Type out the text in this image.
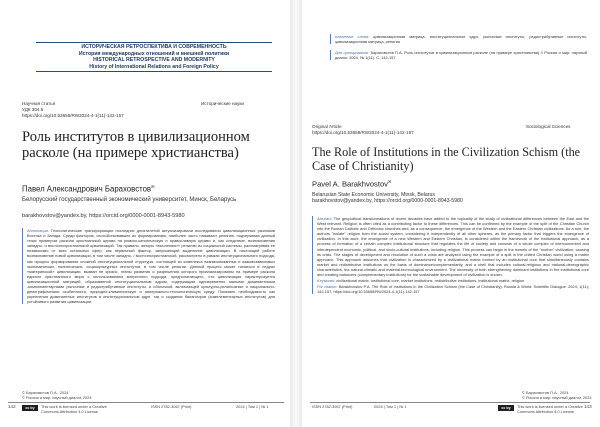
ИСТОРИЧЕСКАЯ РЕТРОСПЕКТИВА И СОВРЕМЕННОСТЬ
История международных отношений и внешней политики
HISTORICAL RETROSPECTIVE AND MODERNITY
History of International Relations and Foreign Policy
Научная статья
УДК 304.5
https://doi.org/10.53658/RW2024-4-1(11)-142-157
Исторические науки
Роль институтов в цивилизационном расколе (на примере христианства)
Павел Александрович Бараховстов✉
Белорусский государственный экономический университет, Минск, Беларусь
barakhovstov@yandex.by, https://orcid.org/0000-0001-8943-5980
Аннотация. Геополитические трансформации последних десятилетий актуализировали исследования цивилизационных разломов Востока и Запада. Среди факторов, способствовавших их формированию, наиболее часто называют религию, подчеркивая данный тезис примером раскола христианской церкви на римско-католическую и православную церкви и, как следствие, возникновения западно- и восточнохристианской цивилизаций. Так правило, авторы «вычленяют» религию из социальной системы, рассматривая ее независимо от всех остальных сфер, как первичный фактор, запускающий выделение цивилизации. В настоящей работе возникновение новой цивилизации, в том числе западно- / восточнохристианской, рассмотрено в рамках институционального подхода, как процесс формирования сложной институциональной структуры, состоящей из комплекса взаимосвязанных и взаимозависимых экономических, политических, социокультурных институтов, в том числе религии. Данный процесс может начаться в недрах «материнской» цивилизации, вызван не кризис, этапы развития и разрешения которого проанализированы на примере раскола единого христианского мира с использованием матричного подхода, предполагающего, что цивилизация характеризуется цивилизационной матрицей, образованной институциональным ядром, содержащим одновременно малыми доминантными -комплементарными рыночные и редистрибутивные институты, и оболочкой, включающей культурно-религиозные и национально-демографические особенности, природно-климатическую и материально-технологическую среду. Показано необходимость как укрепления доминантных институтов в институциональном ядре, так и создания балансиров (комплементарных институтов) для устойчивого развития цивилизации.
© Бараховстов П.А., 2024
© Россия и мир: научный диалог, 2024
142	cc by	This work is licensed under a Creative
Commons Attribution 4.0 License
ISSN 2782-3067 (Print)	2024 | Том 1 | № 1
Ключевые слова: цивилизационная матрица, институциональное ядро, рыночные институты, редистрибутивные институты, цивилизационная матрица, религия
Для цитирования: Бараховстов П.А. Роль институтов в цивилизационном расколе (на примере христианства) // Россия и мир: научный диалог. 2024. № 1(11). С. 142-157.
Original Article
https://doi.org/10.53658/RW2024-4-1(11)-142-157
Sociological Sciences
The Role of Institutions in the Civilization Schism (the Case of Christianity)
Pavel A. Barakhvostov✉
Belarusian State Economic University, Minsk, Belarus
barakhovstov@yandex.by, https://orcid.org/0000-0001-8943-5980
Abstract. The geopolitical transformations of recent decades have added to the topicality of the study of civilizational differences between the East and the West relevant. Religion is often cited as a contributing factor to these differences. This can be confirmed by the example of the split of the Christian Church into the Roman Catholic and Orthodox churches and, as a consequence, the emergence of the Western and the Eastern Christian civilizations. As a rule, the authors "isolate" religion from the social system, considering it independently of all other spheres, as the primary factor that triggers the emergence of civilization. In this work, the emergence of a new Western and Eastern Christian, is considered within the framework of the institutional approach, as a process of formation of a certain complex institutional structure that regulates the life of society and consists of a whole complex of interconnected and interdependent economic, political, and socio-cultural institutions, including religion. This process can begin in the bowels of the "mother" civilization, causing its crisis. The stages of development and resolution of such a crisis are analyzed using the example of a split in the united Christian world using a matrix approach. This approach assumes that civilization is characterized by a civilizational matrix formed by an institutional core that simultaneously contains market and redistributive institutions on the basis of dominance/complementarity, and a shell that includes cultural-religious and national-demographic characteristics, the natural-climatic and material-technological environment. The necessity of both strengthening dominant institutions in the institutional core and creating balancers (complementary institutions) for the sustainable development of civilization is shown.
Keywords: civilizational matrix, institutional core, market institutions, redistributive institutions, institutional matrix, religion
For citation: Barakhvostov P.A. The Role of Institutions in the Civilization Schism (the Case of Christianity). Russia & World: Scientific Dialogue. 2024; 1(11); 142-157, https://doi.org/10.53658/RW2024-4-1(11)-142-157
© Бараховстов П.А., 2024
© Россия и мир: научный диалог, 2024
ISSN 2782-3067 (Print)	2024 | Том 1 | № 1	cc by	This work is licensed under a Creative
Commons Attribution 4.0 License
143
